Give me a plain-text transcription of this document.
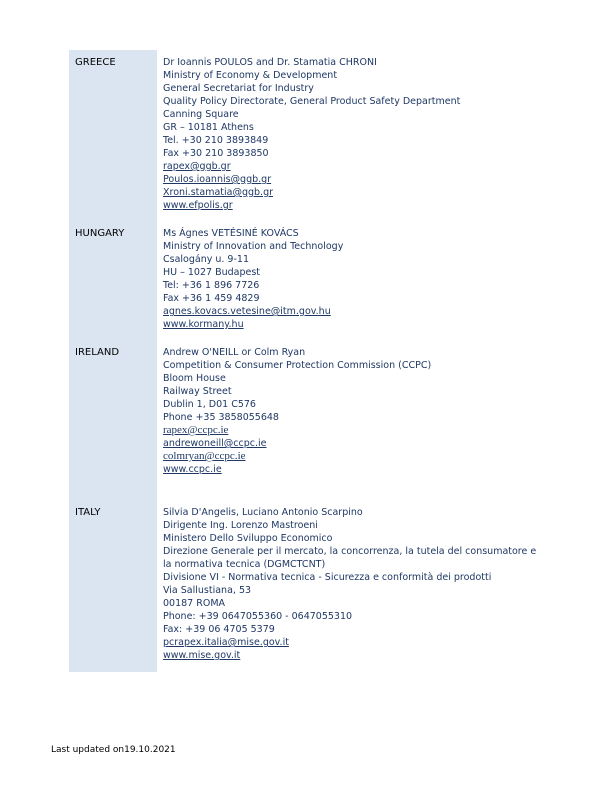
GREECE	Dr Ioannis POULOS and Dr. Stamatia CHRONI
Ministry of Economy & Development
General Secretariat for Industry
Quality Policy Directorate, General Product Safety Department
Canning Square
GR – 10181 Athens
Tel. +30 210 3893849
Fax +30 210 3893850
rapex@ggb.gr
Poulos.ioannis@ggb.gr
Xroni.stamatia@ggb.gr
www.efpolis.gr
HUNGARY	Ms Ágnes VETÉSINÉ KOVÁCS
Ministry of Innovation and Technology
Csalogány u. 9-11
HU – 1027 Budapest
Tel: +36 1 896 7726
Fax +36 1 459 4829
agnes.kovacs.vetesine@itm.gov.hu
www.kormany.hu
IRELAND	Andrew O'NEILL or Colm Ryan
Competition & Consumer Protection Commission (CCPC)
Bloom House
Railway Street
Dublin 1, D01 C576
Phone +35 3858055648
rapex@ccpc.ie
andrewoneill@ccpc.ie
colmryan@ccpc.ie
www.ccpc.ie
ITALY	Silvia D'Angelis, Luciano Antonio Scarpino
Dirigente Ing. Lorenzo Mastroeni
Ministero Dello Sviluppo Economico
Direzione Generale per il mercato, la concorrenza, la tutela del consumatore e la normativa tecnica (DGMCTCNT)
Divisione VI - Normativa tecnica - Sicurezza e conformità dei prodotti
Via Sallustiana, 53
00187 ROMA
Phone: +39 0647055360 - 0647055310
Fax: +39 06 4705 5379
pcrapex.italia@mise.gov.it
www.mise.gov.it
Last updated on19.10.2021
